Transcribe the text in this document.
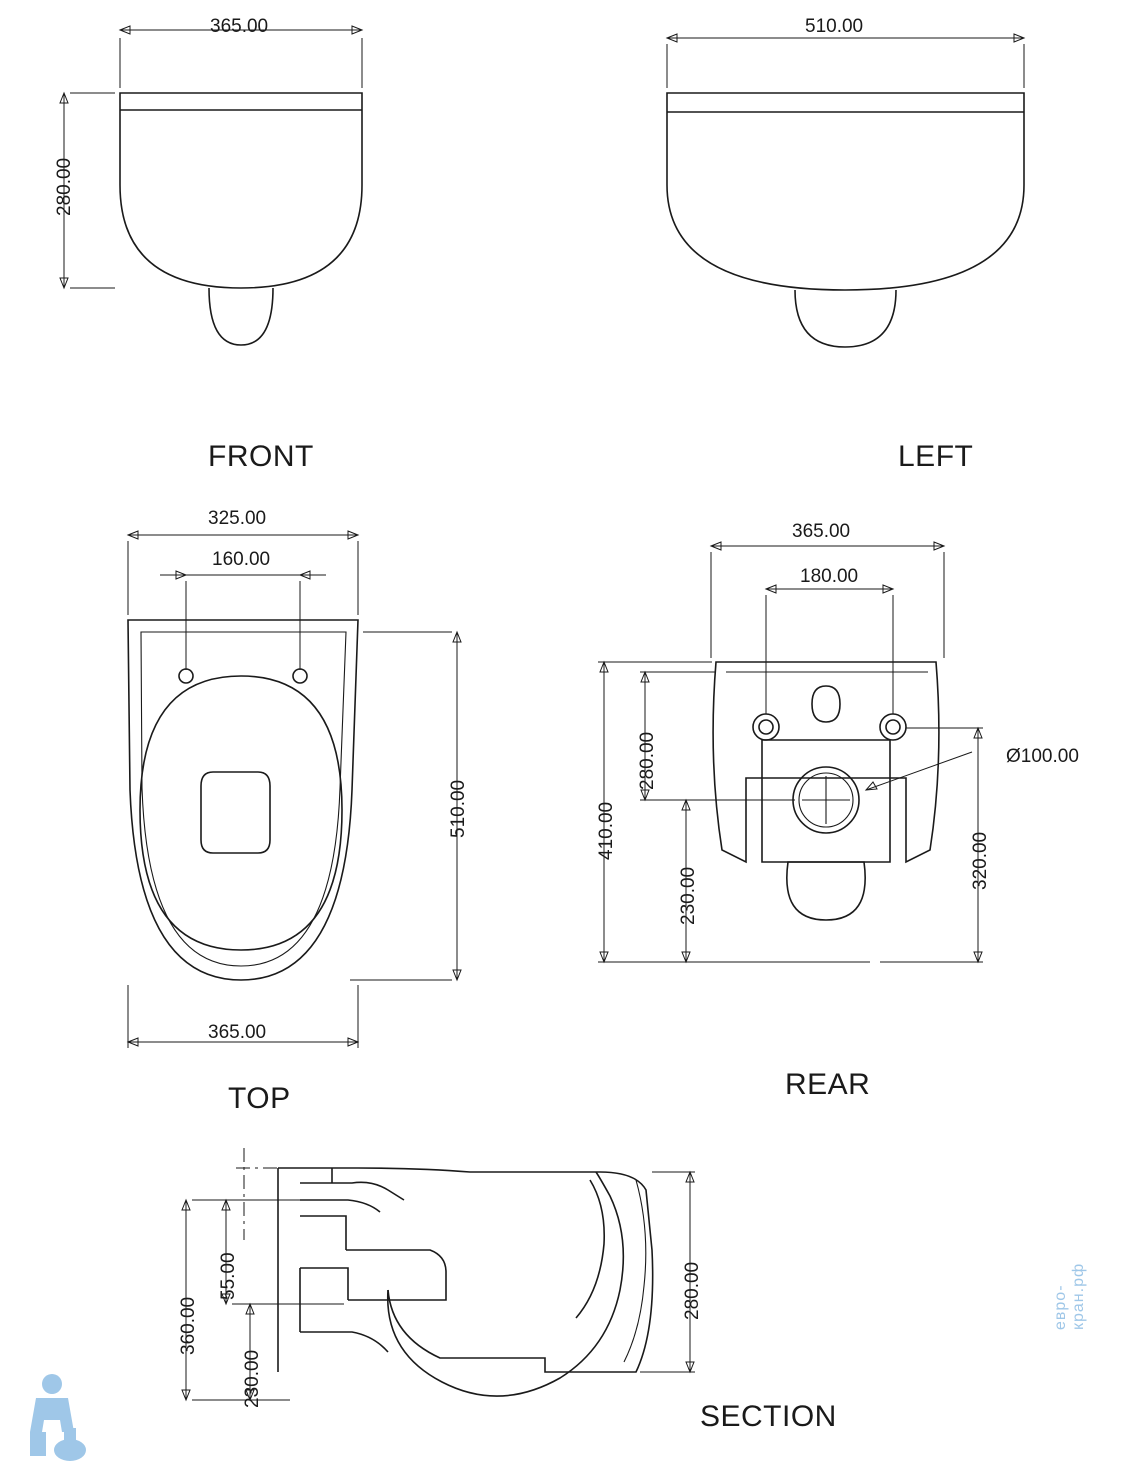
365.00
280.00
FRONT
510.00
LEFT
325.00
160.00
510.00
365.00
TOP
365.00
180.00
410.00
280.00
230.00
320.00
Ø100.00
REAR
360.00
55.00
230.00
280.00
SECTION
евро-кран.рф
